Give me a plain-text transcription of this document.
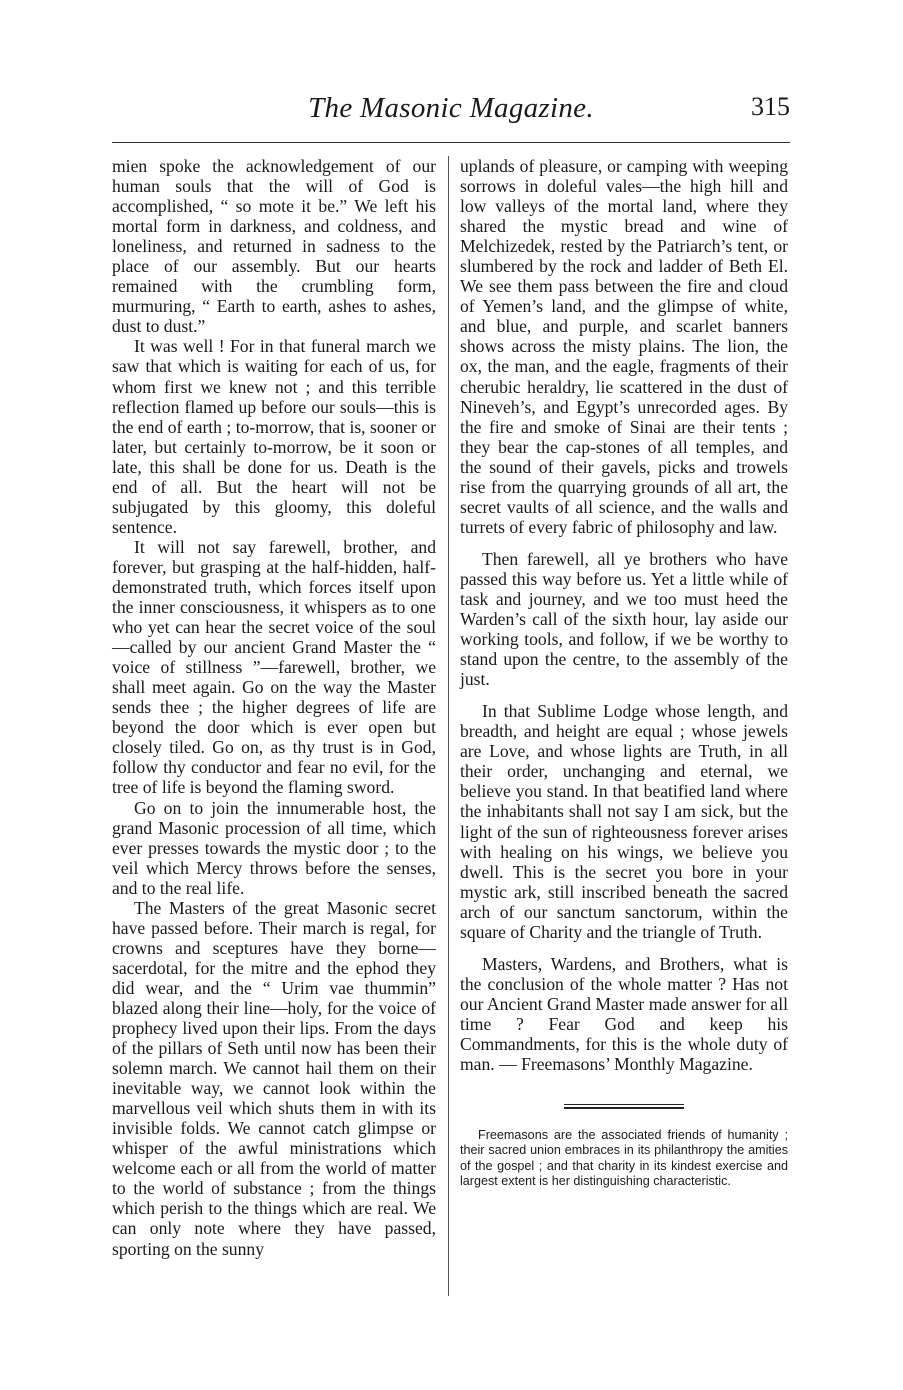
The Masonic Magazine.	315

mien spoke the acknowledgement of our human souls that the will of God is accomplished, “ so mote it be.” We left his mortal form in darkness, and coldness, and loneliness, and returned in sadness to the place of our assembly. But our hearts remained with the crumbling form, murmuring, “ Earth to earth, ashes to ashes, dust to dust.”

It was well ! For in that funeral march we saw that which is waiting for each of us, for whom first we knew not ; and this terrible reflection flamed up before our souls—this is the end of earth ; to-morrow, that is, sooner or later, but certainly to-morrow, be it soon or late, this shall be done for us. Death is the end of all. But the heart will not be subjugated by this gloomy, this doleful sentence.

It will not say farewell, brother, and forever, but grasping at the half-hidden, half-demonstrated truth, which forces itself upon the inner consciousness, it whispers as to one who yet can hear the secret voice of the soul—called by our ancient Grand Master the “ voice of stillness ”—farewell, brother, we shall meet again. Go on the way the Master sends thee ; the higher degrees of life are beyond the door which is ever open but closely tiled. Go on, as thy trust is in God, follow thy conductor and fear no evil, for the tree of life is beyond the flaming sword.

Go on to join the innumerable host, the grand Masonic procession of all time, which ever presses towards the mystic door ; to the veil which Mercy throws before the senses, and to the real life.

The Masters of the great Masonic secret have passed before. Their march is regal, for crowns and sceptures have they borne—sacerdotal, for the mitre and the ephod they did wear, and the “ Urim vae thummin” blazed along their line—holy, for the voice of prophecy lived upon their lips. From the days of the pillars of Seth until now has been their solemn march. We cannot hail them on their inevitable way, we cannot look within the marvellous veil which shuts them in with its invisible folds. We cannot catch glimpse or whisper of the awful ministrations which welcome each or all from the world of matter to the world of substance ; from the things which perish to the things which are real. We can only note where they have passed, sporting on the sunny

uplands of pleasure, or camping with weeping sorrows in doleful vales—the high hill and low valleys of the mortal land, where they shared the mystic bread and wine of Melchizedek, rested by the Patriarch’s tent, or slumbered by the rock and ladder of Beth El. We see them pass between the fire and cloud of Yemen’s land, and the glimpse of white, and blue, and purple, and scarlet banners shows across the misty plains. The lion, the ox, the man, and the eagle, fragments of their cherubic heraldry, lie scattered in the dust of Nineveh’s, and Egypt’s unrecorded ages. By the fire and smoke of Sinai are their tents ; they bear the cap-stones of all temples, and the sound of their gavels, picks and trowels rise from the quarrying grounds of all art, the secret vaults of all science, and the walls and turrets of every fabric of philosophy and law.

Then farewell, all ye brothers who have passed this way before us. Yet a little while of task and journey, and we too must heed the Warden’s call of the sixth hour, lay aside our working tools, and follow, if we be worthy to stand upon the centre, to the assembly of the just.

In that Sublime Lodge whose length, and breadth, and height are equal ; whose jewels are Love, and whose lights are Truth, in all their order, unchanging and eternal, we believe you stand. In that beatified land where the inhabitants shall not say I am sick, but the light of the sun of righteousness forever arises with healing on his wings, we believe you dwell. This is the secret you bore in your mystic ark, still inscribed beneath the sacred arch of our sanctum sanctorum, within the square of Charity and the triangle of Truth.

Masters, Wardens, and Brothers, what is the conclusion of the whole matter ? Has not our Ancient Grand Master made answer for all time ? Fear God and keep his Commandments, for this is the whole duty of man. — Freemasons’ Monthly Magazine.

Freemasons are the associated friends of humanity ; their sacred union embraces in its philanthropy the amities of the gospel ; and that charity in its kindest exercise and largest extent is her distinguishing characteristic.
